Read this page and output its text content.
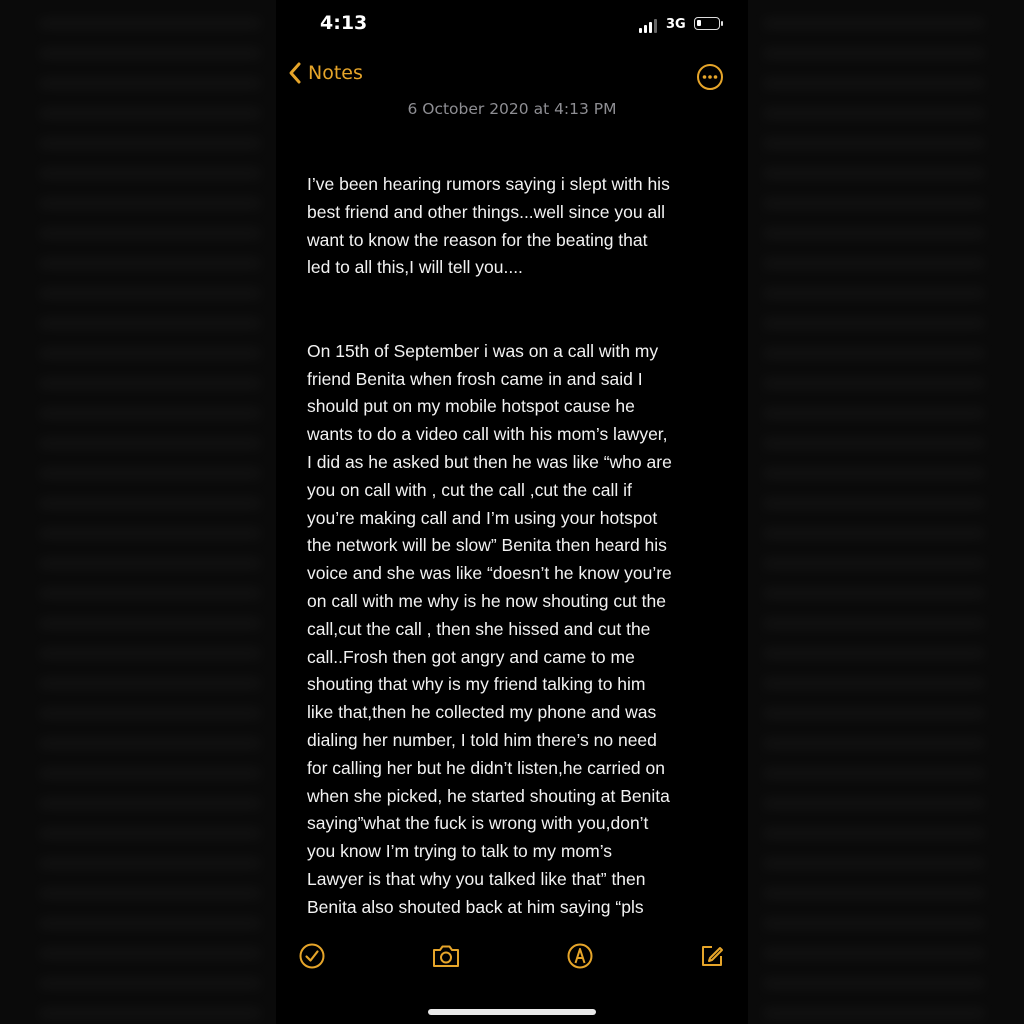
4:13	3G
Notes
6 October 2020 at 4:13 PM
I’ve been hearing rumors saying i slept with his
best friend and other things...well since you all
want to know the reason for the beating that
led to all this,I will tell you....
On 15th of September i was on a call with my
friend Benita when frosh came in and said I
should put on my mobile hotspot cause he
wants to do a video call with his mom’s lawyer,
I did as he asked but then he was like “who are
you on call with , cut the call ,cut the call if
you’re making call and I’m using your hotspot
the network will be slow” Benita then heard his
voice and she was like “doesn’t he know you’re
on call with me why is he now shouting cut the
call,cut the call , then she hissed and cut the
call..Frosh then got angry and came to me
shouting that why is my friend talking to him
like that,then he collected my phone and was
dialing her number, I told him there’s no need
for calling her but he didn’t listen,he carried on
when she picked, he started shouting at Benita
saying”what the fuck is wrong with you,don’t
you know I’m trying to talk to my mom’s
Lawyer is that why you talked like that” then
Benita also shouted back at him saying “pls
